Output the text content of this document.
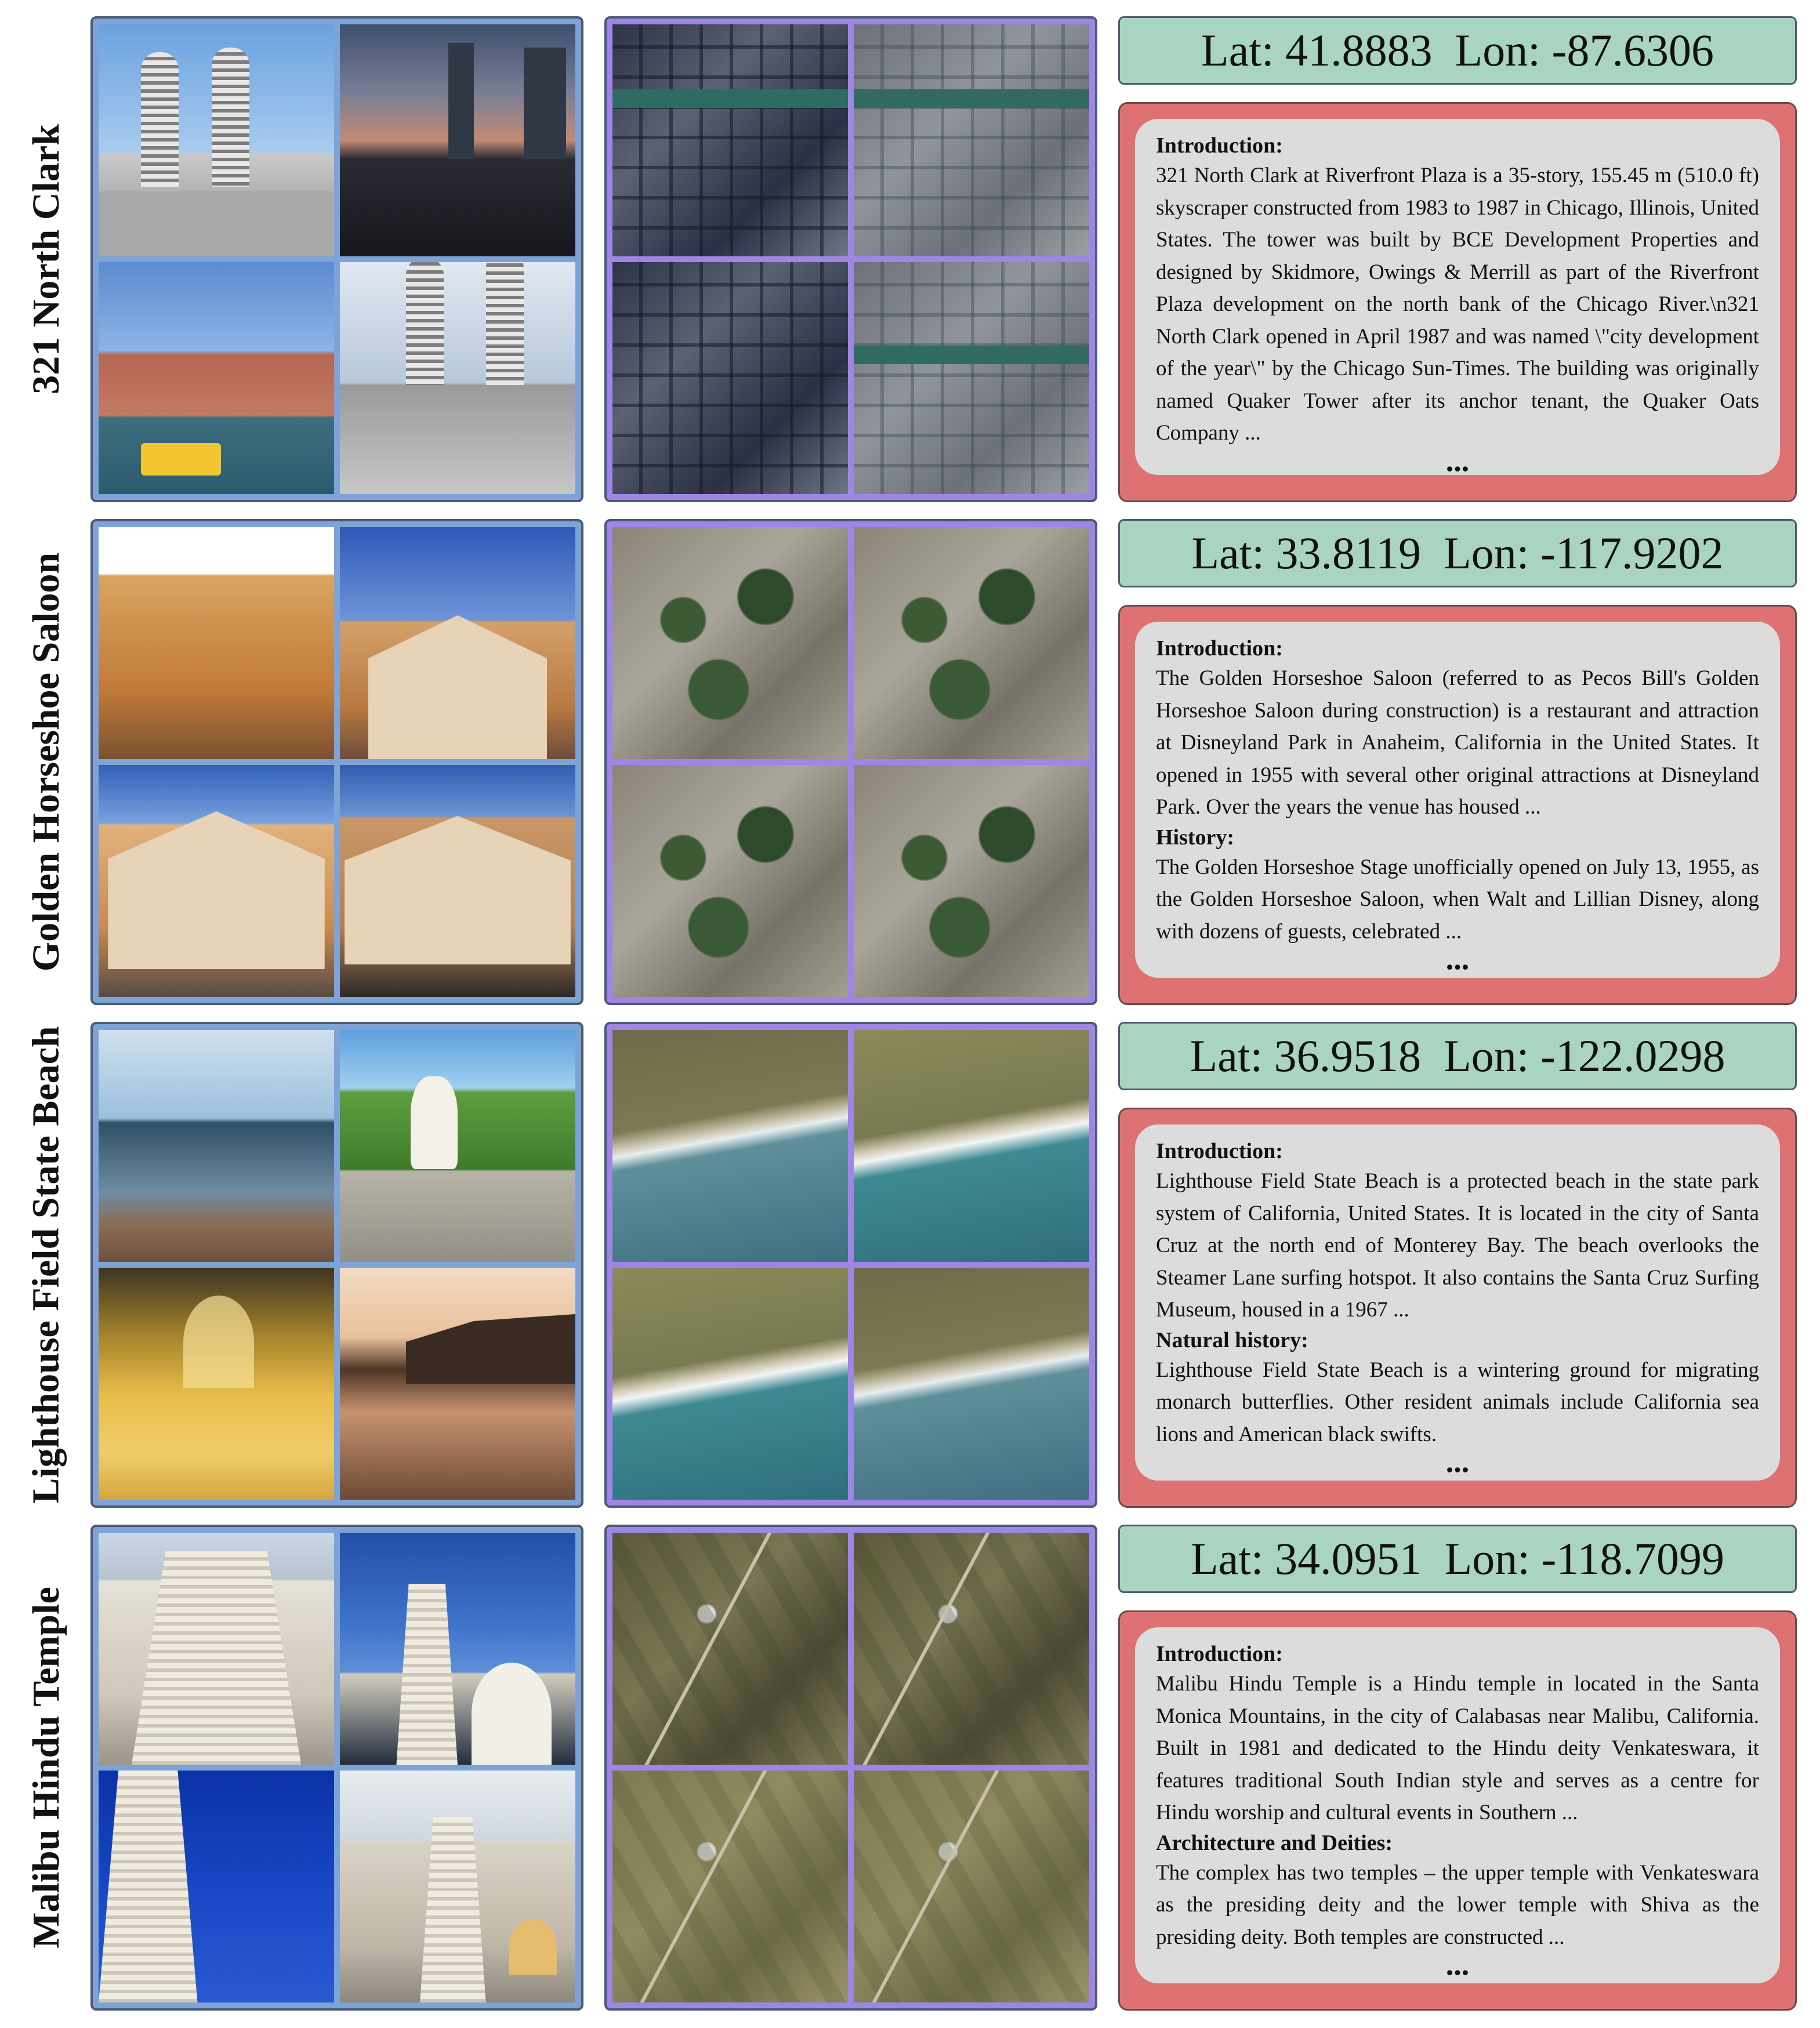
321 North Clark
Lat: 41.8883  Lon: -87.6306
Introduction:
321 North Clark at Riverfront Plaza is a 35-story, 155.45 m (510.0 ft) skyscraper constructed from 1983 to 1987 in Chicago, Illinois, United States. The tower was built by BCE Development Properties and designed by Skidmore, Owings & Merrill as part of the Riverfront Plaza development on the north bank of the Chicago River.\n321 North Clark opened in April 1987 and was named \"city development of the year\" by the Chicago Sun-Times. The building was originally named Quaker Tower after its anchor tenant, the Quaker Oats Company ...
...
Golden Horseshoe Saloon	Lat: 33.8119  Lon: -117.9202
Introduction:
The Golden Horseshoe Saloon (referred to as Pecos Bill's Golden Horseshoe Saloon during construction) is a restaurant and attraction at Disneyland Park in Anaheim, California in the United States. It opened in 1955 with several other original attractions at Disneyland Park. Over the years the venue has housed ...
History:
The Golden Horseshoe Stage unofficially opened on July 13, 1955, as the Golden Horseshoe Saloon, when Walt and Lillian Disney, along with dozens of guests, celebrated ...
...
Lighthouse Field State Beach	Lat: 36.9518  Lon: -122.0298
Introduction:
Lighthouse Field State Beach is a protected beach in the state park system of California, United States. It is located in the city of Santa Cruz at the north end of Monterey Bay. The beach overlooks the Steamer Lane surfing hotspot. It also contains the Santa Cruz Surfing Museum, housed in a 1967 ...
Natural history:
Lighthouse Field State Beach is a wintering ground for migrating monarch butterflies. Other resident animals include California sea lions and American black swifts.
...
Malibu Hindu Temple
Lat: 34.0951  Lon: -118.7099
Introduction:
Malibu Hindu Temple is a Hindu temple in located in the Santa Monica Mountains, in the city of Calabasas near Malibu, California. Built in 1981 and dedicated to the Hindu deity Venkateswara, it features traditional South Indian style and serves as a centre for Hindu worship and cultural events in Southern ...
Architecture and Deities:
The complex has two temples – the upper temple with Venkateswara as the presiding deity and the lower temple with Shiva as the presiding deity. Both temples are constructed ...
...
